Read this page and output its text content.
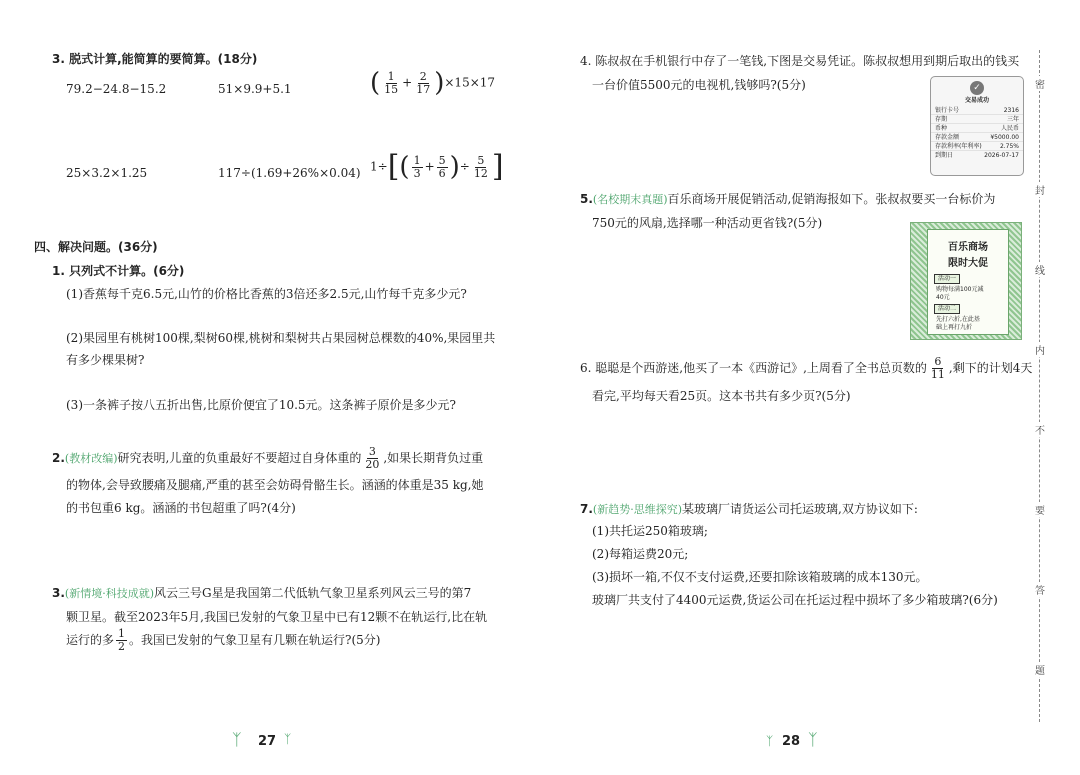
3. 脱式计算,能简算的要简算。(18分)
79.2−24.8−15.2	51×9.9+5.1	( $\frac{1}{15} + \frac{2}{17} )\times 15\times 17$
25×3.2×1.25	117÷(1.69+26%×0.04) $1\div[( \frac{1}{3} + \frac{5}{6}$ )÷ $\frac{5}{12}$ ]
四、解决问题。(36分)
1. 只列式不计算。(6分)
(1)香蕉每千克6.5元,山竹的价格比香蕉的3倍还多2.5元,山竹每千克多少元?
(2)果园里有桃树100棵,梨树60棵,桃树和梨树共占果园树总棵数的40%,果园里共
有多少棵果树?
(3)一条裤子按八五折出售,比原价便宜了10.5元。这条裤子原价是多少元?
2.(教材改编)研究表明,儿童的负重最好不要超过自身体重的 $\frac{3}{20}$ ,如果长期背负过重
的物体,会导致腰痛及腿痛,严重的甚至会妨碍骨骼生长。涵涵的体重是35 kg,她
的书包重6 kg。涵涵的书包超重了吗?(4分)
3.(新情境·科技成就)风云三号G星是我国第二代低轨气象卫星系列风云三号的第7
颗卫星。截至2023年5月,我国已发射的气象卫星中已有12颗不在轨运行,比在轨
运行的多 $\frac{1}{2}$ 。我国已发射的气象卫星有几颗在轨运行?(5分)
ᛉ 27 ᛉ
4. 陈叔叔在手机银行中存了一笔钱,下图是交易凭证。陈叔叔想用到期后取出的钱买
一台价值5500元的电视机,钱够吗?(5分)	✓
交易成功
银行卡号	2316
存期	三年
币种	人民币
存款金额	¥5000.00
存款利率(年利率)	2.75%
到期日	2026-07-17
5.(名校期末真题)百乐商场开展促销活动,促销海报如下。张叔叔要买一台标价为
750元的风扇,选择哪一种活动更省钱?(5分)
百乐商场
限时大促
活动一
购物每满100元减
40元
活动二
先打六折,在此基
础上再打九折
6. 聪聪是个西游迷,他买了一本《西游记》,上周看了全书总页数的 $\frac{6}{11}$ ,剩下的计划4天
看完,平均每天看25页。这本书共有多少页?(5分)
7.(新趋势·思维探究)某玻璃厂请货运公司托运玻璃,双方协议如下:
(1)共托运250箱玻璃;
(2)每箱运费20元;
(3)损坏一箱,不仅不支付运费,还要扣除该箱玻璃的成本130元。
玻璃厂共支付了4400元运费,货运公司在托运过程中损坏了多少箱玻璃?(6分)
ᛉ 28 ᛉ
密
封
线
内
不
要
答
题
